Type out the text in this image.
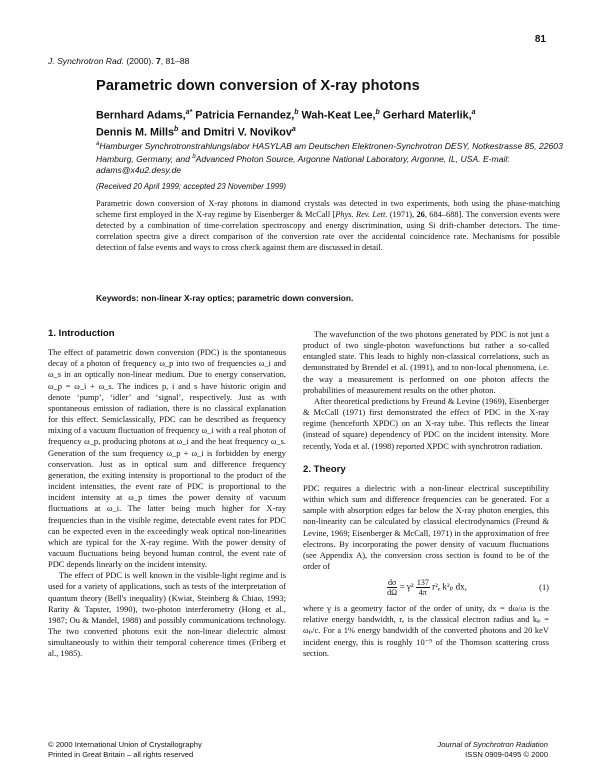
81
J. Synchrotron Rad. (2000). 7, 81–88
Parametric down conversion of X-ray photons
Bernhard Adams,$^{a*}$ Patricia Fernandez,$^b$ Wah-Keat Lee,$^b$ Gerhard Materlik,$^a$
Dennis M. Mills$^b$ and Dmitri V. Novikov$^a$
$^a$Hamburger Synchrotronstrahlungslabor HASYLAB am Deutschen Elektronen-Synchrotron DESY, Notkestrasse 85, 22603 Hamburg, Germany, and $^b$Advanced Photon Source, Argonne National Laboratory, Argonne, IL, USA. E-mail: adams@x4u2.desy.de
(Received 20 April 1999; accepted 23 November 1999)
Parametric down conversion of X-ray photons in diamond crystals was detected in two experiments, both using the phase-matching scheme first employed in the X-ray regime by Eisenberger & McCall [Phys. Rev. Lett. (1971), 26, 684–688]. The conversion events were detected by a combination of time-correlation spectroscopy and energy discrimination, using Si drift-chamber detectors. The time-correlation spectra give a direct comparison of the conversion rate over the accidental coincidence rate. Mechanisms for possible detection of false events and ways to cross check against them are discussed in detail.
Keywords: non-linear X-ray optics; parametric down conversion.
1. Introduction

The effect of parametric down conversion (PDC) is the spontaneous decay of a photon of frequency ω_p into two of frequencies ω_i and ω_s in an optically non-linear medium. Due to energy conservation, ω_p = ω_i + ω_s. The indices p, i and s have historic origin and denote ‘pump’, ‘idler’ and ‘signal’, respectively. Just as with spontaneous emission of radiation, there is no classical explanation for this effect. Semiclassically, PDC can be described as frequency mixing of a vacuum fluctuation of frequency ω_i with a real photon of frequency ω_p, producing photons at ω_i and the beat frequency ω_s. Generation of the sum frequency ω_p + ω_i is forbidden by energy conservation. Just as in optical sum and difference frequency generation, the exiting intensity is proportional to the product of the incident intensities, the event rate of PDC is proportional to the incident intensity at ω_p times the power density of vacuum fluctuations at ω_i. The latter being much higher for X-ray frequencies than in the visible regime, detectable event rates for PDC can be expected even in the exceedingly weak optical non-linearities which are typical for the X-ray regime. With the power density of vacuum fluctuations being beyond human control, the event rate of PDC depends linearly on the incident intensity.

The effect of PDC is well known in the visible-light regime and is used for a variety of applications, such as tests of the interpretation of quantum theory (Bell's inequality) (Kwiat, Steinberg & Chiao, 1993; Rarity & Tapster, 1990), two-photon interferometry (Hong et al., 1987; Ou & Mandel, 1988) and possibly communications technology. The two converted photons exit the non-linear dielectric almost simultaneously to within their temporal coherence times (Friberg et al., 1985).

The wavefunction of the two photons generated by PDC is not just a product of two single-photon wavefunctions but rather a so-called entangled state. This leads to highly non-classical correlations, such as demonstrated by Brendel et al. (1991), and to non-local phenomena, i.e. the way a measurement is performed on one photon affects the probabilities of measurement results on the other photon.

After theoretical predictions by Freund & Levine (1969), Eisenberger & McCall (1971) first demonstrated the effect of PDC in the X-ray regime (henceforth XPDC) on an X-ray tube. This reflects the linear (instead of square) dependency of PDC on the incident intensity. More recently, Yoda et al. (1998) reported XPDC with synchrotron radiation.

2. Theory

PDC requires a dielectric with a non-linear electrical susceptibility within which sum and difference frequencies can be generated. For a sample with absorption edges far below the X-ray photon energies, this non-linearity can be calculated by classical electrodynamics (Freund & Levine, 1969; Eisenberger & McCall, 1971) in the approximation of free electrons. By incorporating the power density of vacuum fluctuations (see Appendix A), the conversion cross section is found to be of the order of

$\frac{d\sigma}{d\Omega} = \gamma^2 \frac{137}{4\pi} r^2_e$ k²ₚ dx,	(1)

where γ is a geometry factor of the order of unity, dx = dω/ω is the relative energy bandwidth, rₑ is the classical electron radius and kₚ = ωₚ/c. For a 1% energy bandwidth of the converted photons and 20 keV incident energy, this is roughly 10⁻⁹ of the Thomson scattering cross section.

© 2000 International Union of Crystallography
Printed in Great Britain – all rights reserved
Journal of Synchrotron Radiation
ISSN 0909-0495 © 2000
